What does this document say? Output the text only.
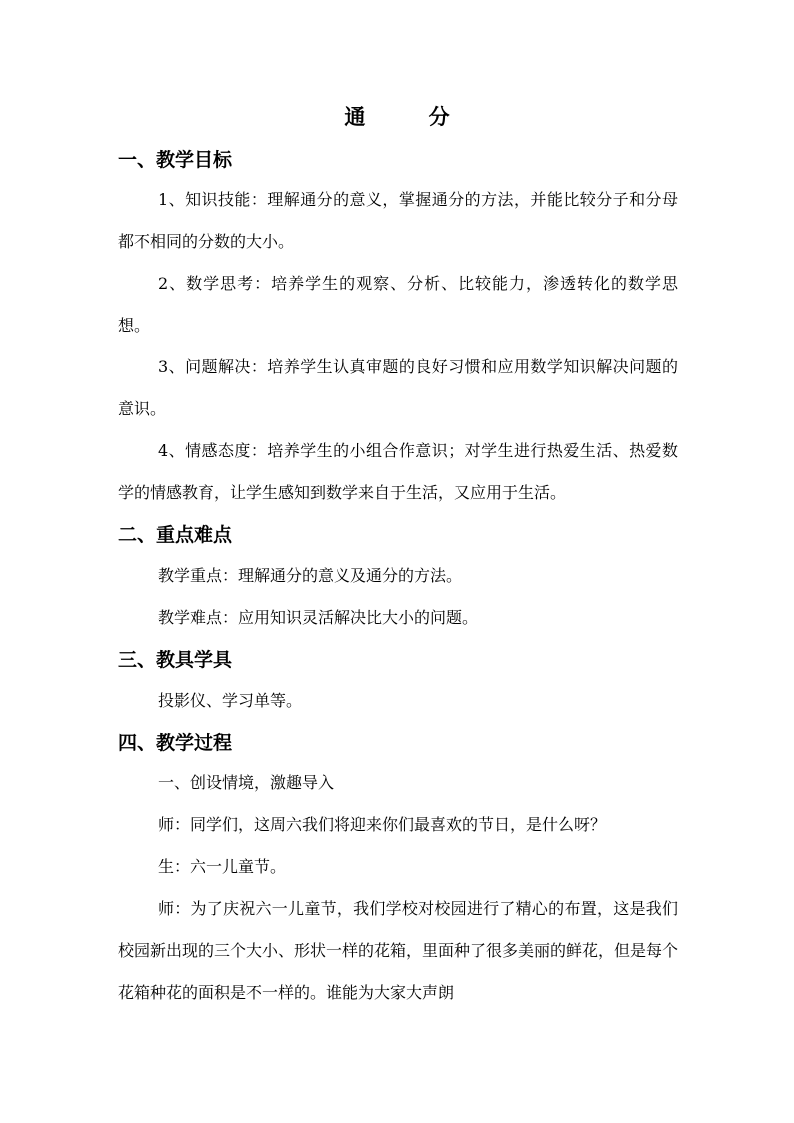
通 分
一、教学目标
1、知识技能：理解通分的意义，掌握通分的方法，并能比较分子和分母都不相同的分数的大小。
2、数学思考：培养学生的观察、分析、比较能力，渗透转化的数学思想。
3、问题解决：培养学生认真审题的良好习惯和应用数学知识解决问题的意识。
4、情感态度：培养学生的小组合作意识；对学生进行热爱生活、热爱数学的情感教育，让学生感知到数学来自于生活，又应用于生活。
二、重点难点
教学重点：理解通分的意义及通分的方法。
教学难点：应用知识灵活解决比大小的问题。
三、教具学具
投影仪、学习单等。
四、教学过程
一、创设情境，激趣导入
师：同学们，这周六我们将迎来你们最喜欢的节日，是什么呀？
生：六一儿童节。
师：为了庆祝六一儿童节，我们学校对校园进行了精心的布置，这是我们校园新出现的三个大小、形状一样的花箱，里面种了很多美丽的鲜花，但是每个花箱种花的面积是不一样的。谁能为大家大声朗
